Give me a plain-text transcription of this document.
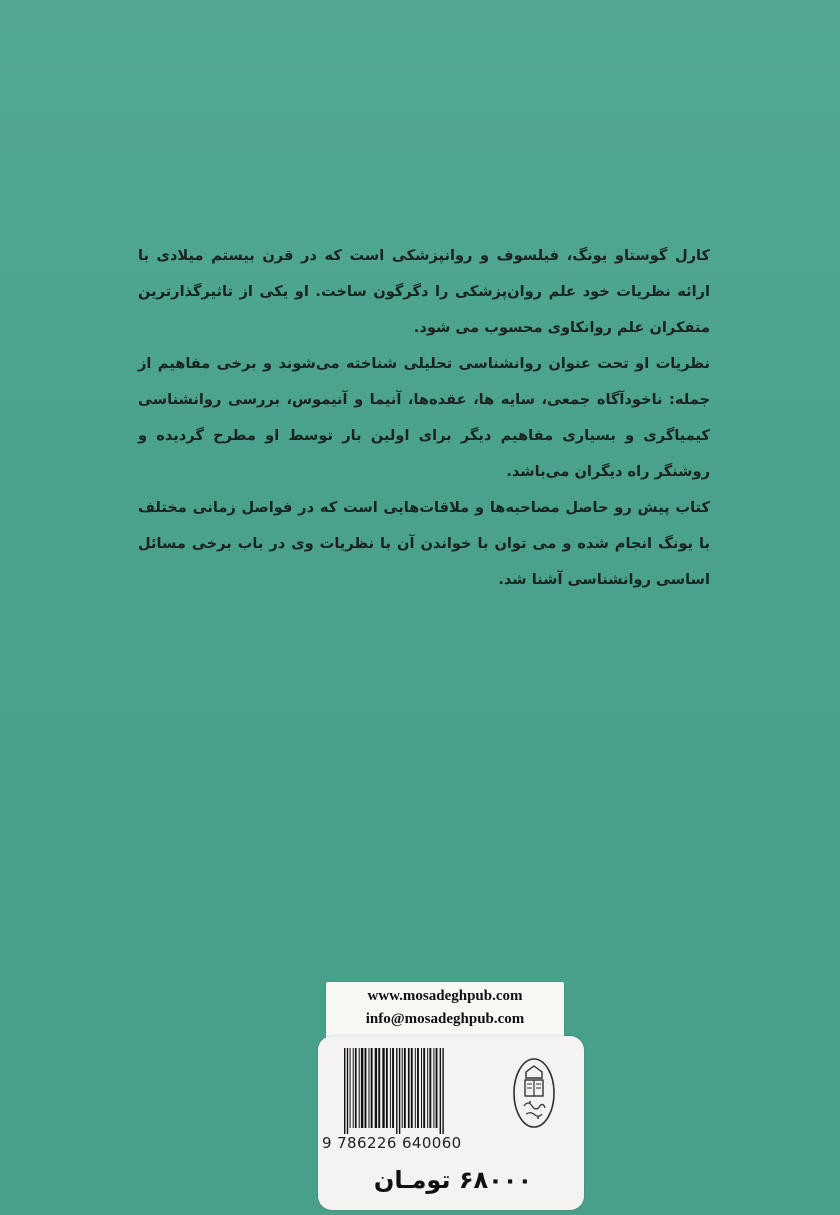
کارل گوستاو یونگ، فیلسوف و روانپزشکی است که در قرن بیستم میلادی با ارائه نظریات خود علم روان‌پزشکی را دگرگون ساخت. او یکی از تاثیرگذارترین متفکران علم روانکاوی محسوب می شود.

نظریات او تحت عنوان روانشناسی تحلیلی شناخته می‌شوند و برخی مفاهیم از جمله: ناخودآگاه جمعی، سایه ها، عقده‌ها، آنیما و آنیموس، بررسی روانشناسی کیمیاگری و بسیاری مفاهیم دیگر برای اولین بار توسط او مطرح گردیده و روشنگر راه دیگران می‌باشد.

کتاب پیش رو حاصل مصاحبه‌ها و ملاقات‌هایی است که در فواصل زمانی مختلف با یونگ انجام شده و می توان با خواندن آن با نظریات وی در باب برخی مسائل اساسی روانشناسی آشنا شد.

www.mosadeghpub.com
info@mosadeghpub.com
9 786226 640060
۶۸۰۰۰ تومـان
